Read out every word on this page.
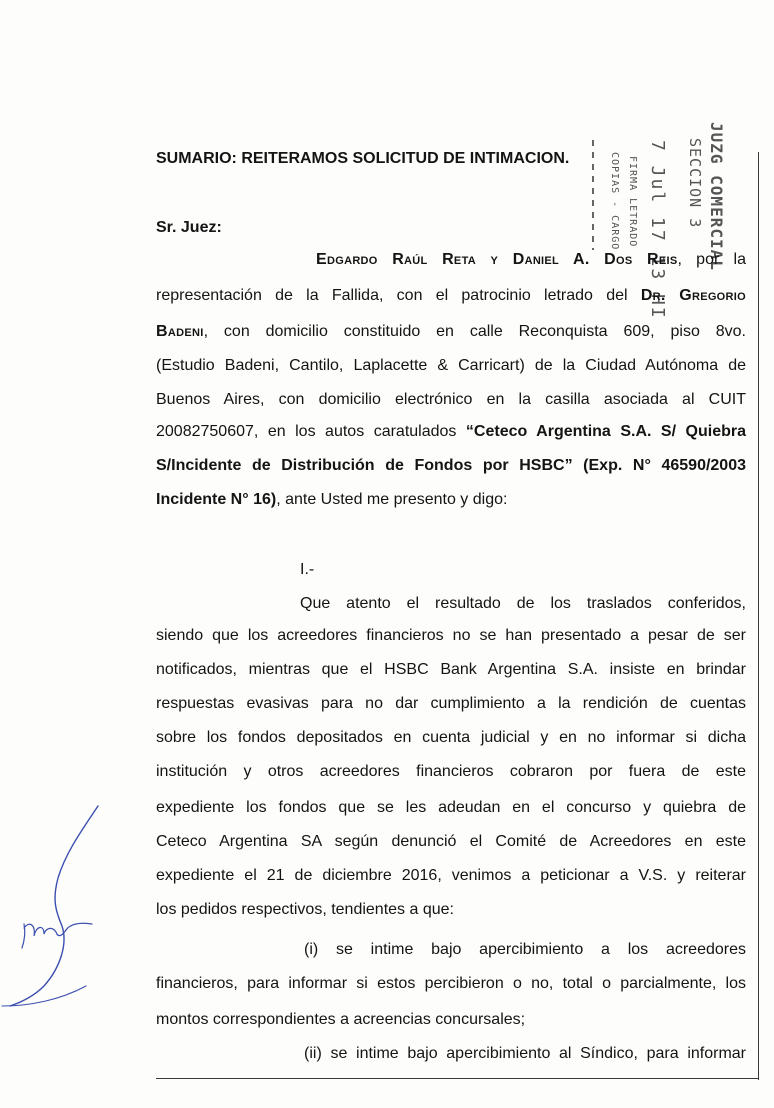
JUZG COMERCIAL
SECCION 3
7 Jul 17 13 HI
FIRMA LETRADO
COPIAS - CARGO
SUMARIO: REITERAMOS SOLICITUD DE INTIMACION.
Sr. Juez:
Edgardo Raúl Reta y Daniel A. Dos Reis, por la
representación de la Fallida, con el patrocinio letrado del Dr. Gregorio
Badeni, con domicilio constituido en calle Reconquista 609, piso 8vo.
(Estudio Badeni, Cantilo, Laplacette & Carricart) de la Ciudad Autónoma de
Buenos Aires, con domicilio electrónico en la casilla asociada al CUIT
20082750607, en los autos caratulados “Ceteco Argentina S.A. S/ Quiebra
S/Incidente de Distribución de Fondos por HSBC” (Exp. N° 46590/2003
Incidente N° 16), ante Usted me presento y digo:
I.-
Que atento el resultado de los traslados conferidos,
siendo que los acreedores financieros no se han presentado a pesar de ser
notificados, mientras que el HSBC Bank Argentina S.A. insiste en brindar
respuestas evasivas para no dar cumplimiento a la rendición de cuentas
sobre los fondos depositados en cuenta judicial y en no informar si dicha
institución y otros acreedores financieros cobraron por fuera de este
expediente los fondos que se les adeudan en el concurso y quiebra de
Ceteco Argentina SA según denunció el Comité de Acreedores en este
expediente el 21 de diciembre 2016, venimos a peticionar a V.S. y reiterar
los pedidos respectivos, tendientes a que:
(i) se intime bajo apercibimiento a los acreedores
financieros, para informar si estos percibieron o no, total o parcialmente, los
montos correspondientes a acreencias concursales;
(ii) se intime bajo apercibimiento al Síndico, para informar
